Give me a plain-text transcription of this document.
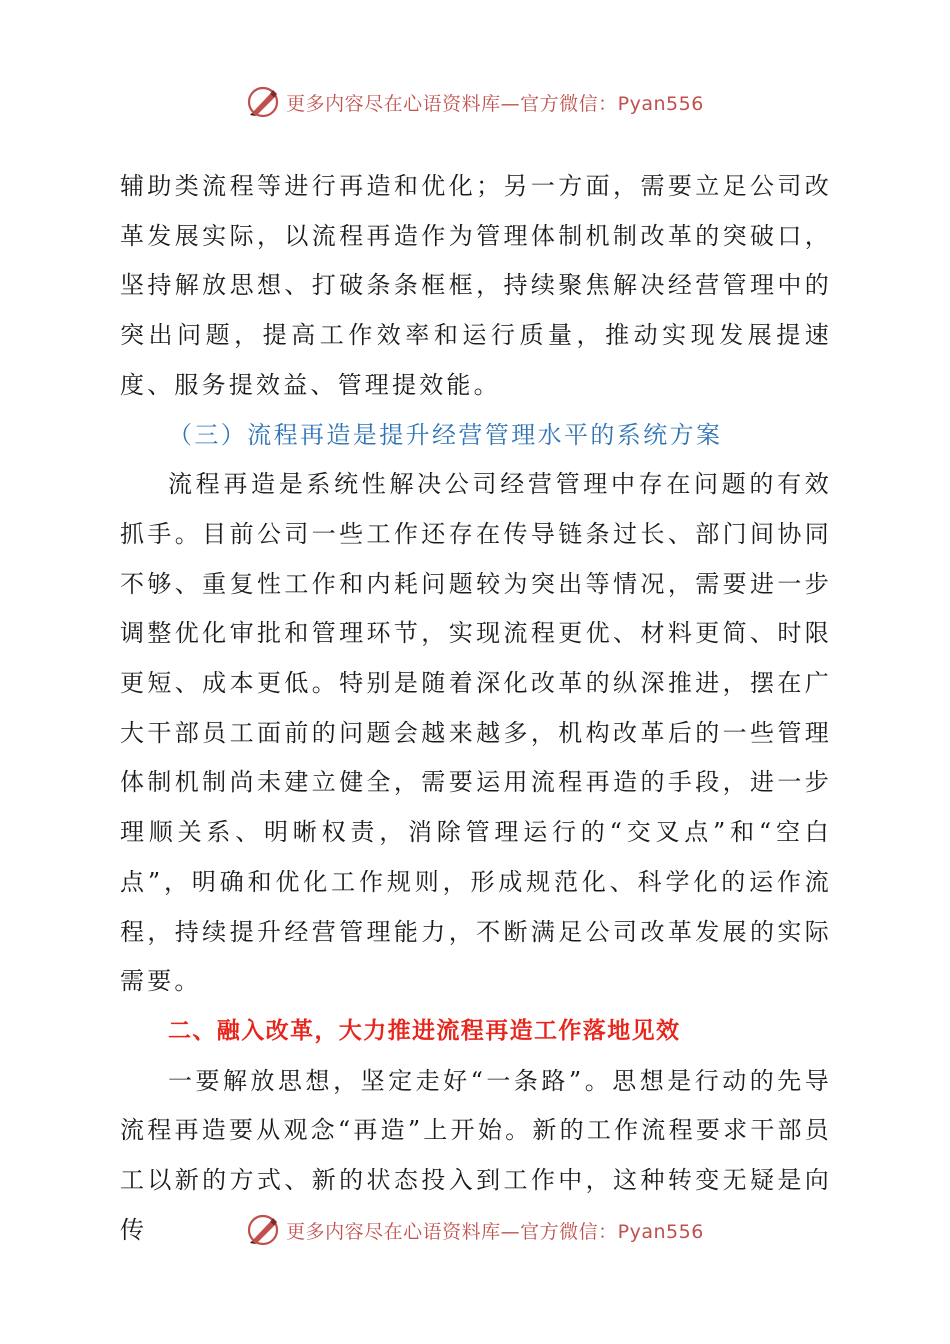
更多内容尽在心语资料库—官方微信：Pyan556

辅助类流程等进行再造和优化；另一方面，需要立足公司改革发展实际，以流程再造作为管理体制机制改革的突破口，坚持解放思想、打破条条框框，持续聚焦解决经营管理中的突出问题，提高工作效率和运行质量，推动实现发展提速度、服务提效益、管理提效能。

（三）流程再造是提升经营管理水平的系统方案

流程再造是系统性解决公司经营管理中存在问题的有效抓手。目前公司一些工作还存在传导链条过长、部门间协同不够、重复性工作和内耗问题较为突出等情况，需要进一步调整优化审批和管理环节，实现流程更优、材料更简、时限更短、成本更低。特别是随着深化改革的纵深推进，摆在广大干部员工面前的问题会越来越多，机构改革后的一些管理体制机制尚未建立健全，需要运用流程再造的手段，进一步理顺关系、明晰权责，消除管理运行的“交叉点”和“空白点”，明确和优化工作规则，形成规范化、科学化的运作流程，持续提升经营管理能力，不断满足公司改革发展的实际需要。

二、融入改革，大力推进流程再造工作落地见效

一要解放思想，坚定走好“一条路”。思想是行动的先导流程再造要从观念“再造”上开始。新的工作流程要求干部员工以新的方式、新的状态投入到工作中，这种转变无疑是向传	更多内容尽在心语资料库—官方微信：Pyan556
